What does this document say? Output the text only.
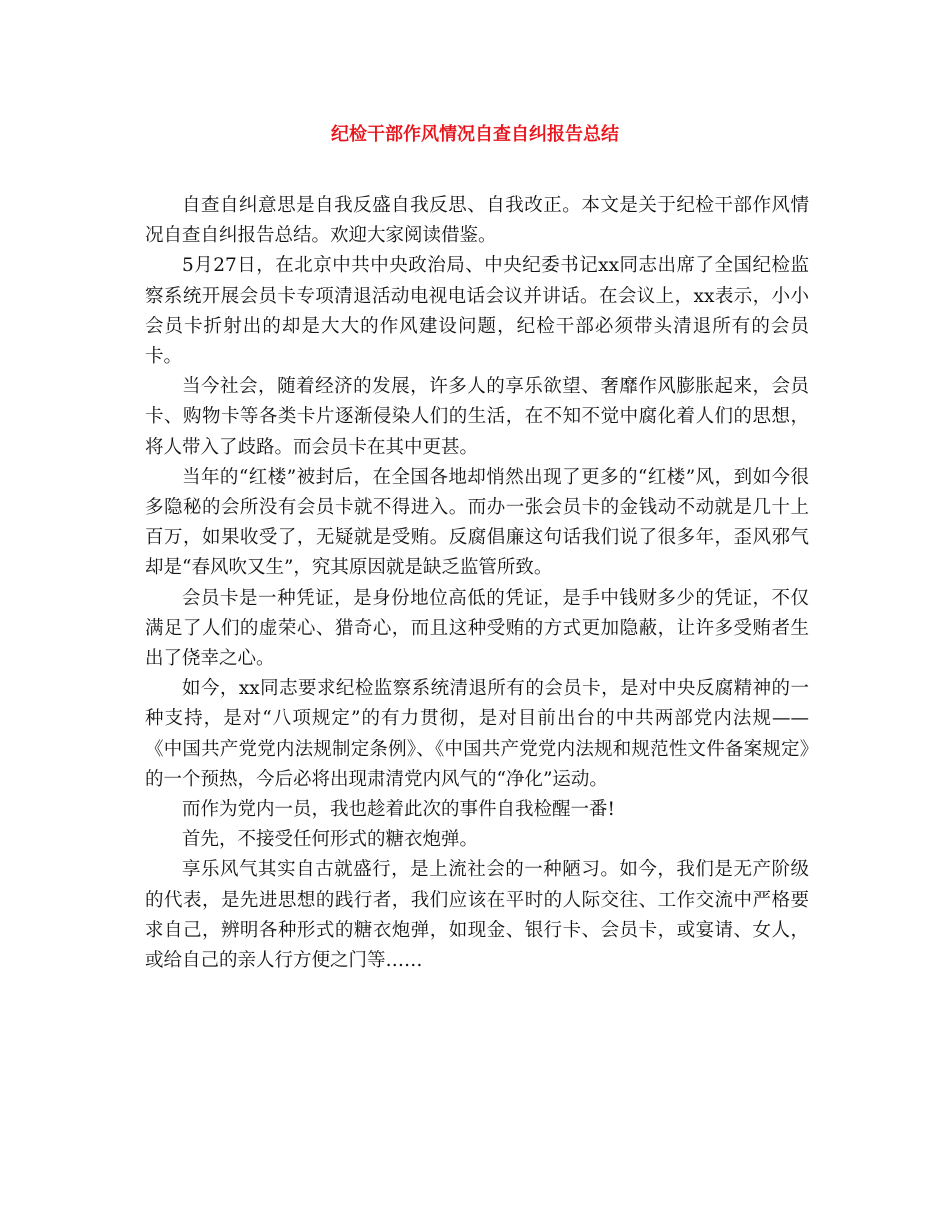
纪检干部作风情况自查自纠报告总结

自查自纠意思是自我反盛自我反思、自我改正。本文是关于纪检干部作风情况自查自纠报告总结。欢迎大家阅读借鉴。

5月27日，在北京中共中央政治局、中央纪委书记xx同志出席了全国纪检监察系统开展会员卡专项清退活动电视电话会议并讲话。在会议上，xx表示，小小会员卡折射出的却是大大的作风建设问题，纪检干部必须带头清退所有的会员卡。

当今社会，随着经济的发展，许多人的享乐欲望、奢靡作风膨胀起来，会员卡、购物卡等各类卡片逐渐侵染人们的生活，在不知不觉中腐化着人们的思想，将人带入了歧路。而会员卡在其中更甚。

当年的“红楼”被封后，在全国各地却悄然出现了更多的“红楼”风，到如今很多隐秘的会所没有会员卡就不得进入。而办一张会员卡的金钱动不动就是几十上百万，如果收受了，无疑就是受贿。反腐倡廉这句话我们说了很多年，歪风邪气却是“春风吹又生”，究其原因就是缺乏监管所致。

会员卡是一种凭证，是身份地位高低的凭证，是手中钱财多少的凭证，不仅满足了人们的虚荣心、猎奇心，而且这种受贿的方式更加隐蔽，让许多受贿者生出了侥幸之心。

如今，xx同志要求纪检监察系统清退所有的会员卡，是对中央反腐精神的一种支持，是对“八项规定”的有力贯彻，是对目前出台的中共两部党内法规——《中国共产党党内法规制定条例》、《中国共产党党内法规和规范性文件备案规定》的一个预热，今后必将出现肃清党内风气的“净化”运动。

而作为党内一员，我也趁着此次的事件自我检醒一番!

首先，不接受任何形式的糖衣炮弹。

享乐风气其实自古就盛行，是上流社会的一种陋习。如今，我们是无产阶级的代表，是先进思想的践行者，我们应该在平时的人际交往、工作交流中严格要求自己，辨明各种形式的糖衣炮弹，如现金、银行卡、会员卡，或宴请、女人，或给自己的亲人行方便之门等……
